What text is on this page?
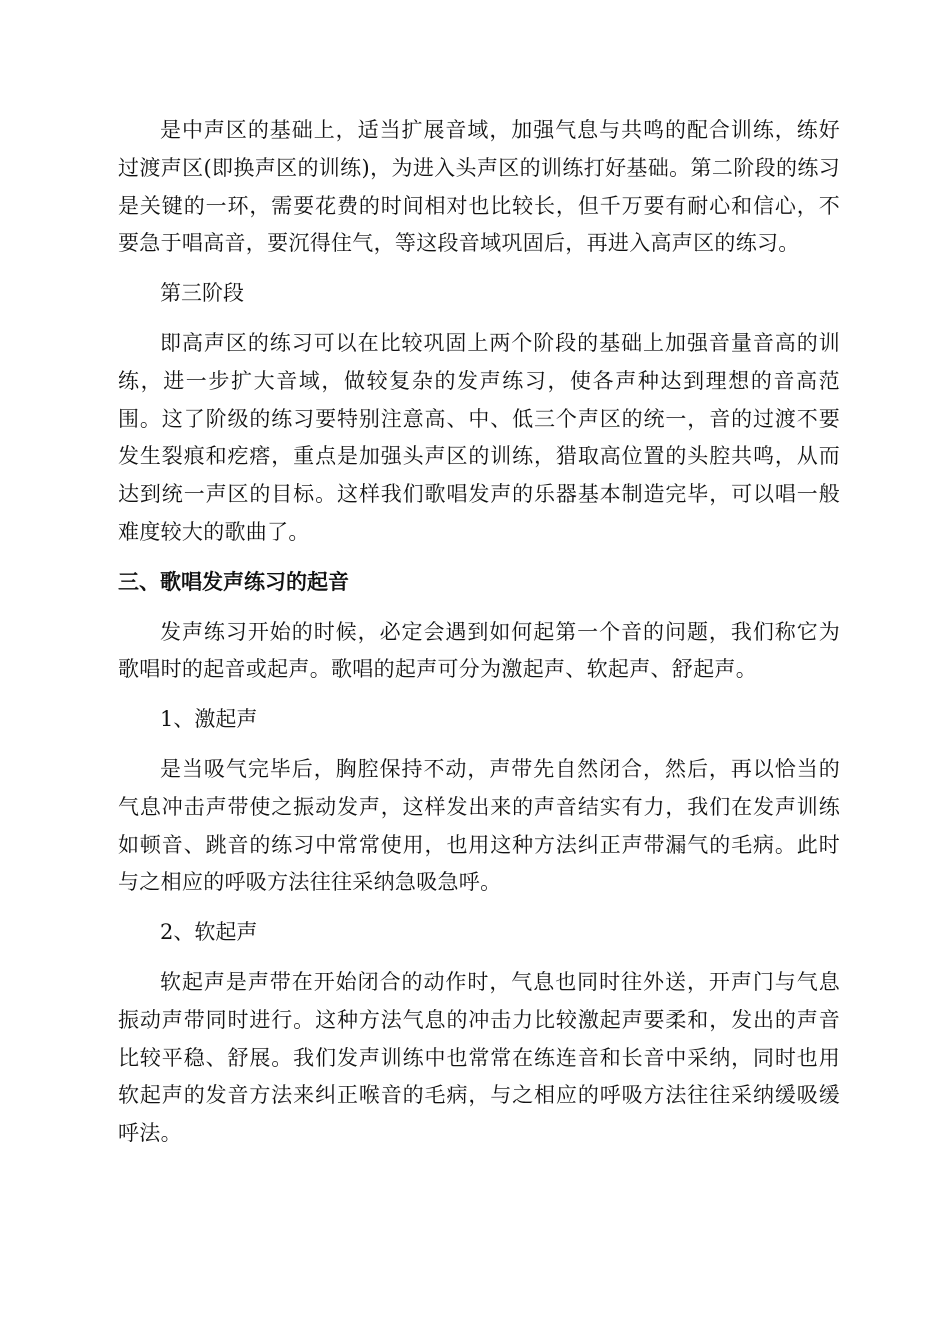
是中声区的基础上，适当扩展音域，加强气息与共鸣的配合训练，练好过渡声区(即换声区的训练)，为进入头声区的训练打好基础。第二阶段的练习是关键的一环，需要花费的时间相对也比较长，但千万要有耐心和信心，不要急于唱高音，要沉得住气，等这段音域巩固后，再进入高声区的练习。

第三阶段

即高声区的练习可以在比较巩固上两个阶段的基础上加强音量音高的训练，进一步扩大音域，做较复杂的发声练习，使各声种达到理想的音高范围。这了阶级的练习要特别注意高、中、低三个声区的统一，音的过渡不要发生裂痕和疙瘩，重点是加强头声区的训练，猎取高位置的头腔共鸣，从而达到统一声区的目标。这样我们歌唱发声的乐器基本制造完毕，可以唱一般难度较大的歌曲了。

三、歌唱发声练习的起音

发声练习开始的时候，必定会遇到如何起第一个音的问题，我们称它为歌唱时的起音或起声。歌唱的起声可分为激起声、软起声、舒起声。

1、激起声

是当吸气完毕后，胸腔保持不动，声带先自然闭合，然后，再以恰当的气息冲击声带使之振动发声，这样发出来的声音结实有力，我们在发声训练如顿音、跳音的练习中常常使用，也用这种方法纠正声带漏气的毛病。此时与之相应的呼吸方法往往采纳急吸急呼。

2、软起声

软起声是声带在开始闭合的动作时，气息也同时往外送，开声门与气息振动声带同时进行。这种方法气息的冲击力比较激起声要柔和，发出的声音比较平稳、舒展。我们发声训练中也常常在练连音和长音中采纳，同时也用软起声的发音方法来纠正喉音的毛病，与之相应的呼吸方法往往采纳缓吸缓呼法。
